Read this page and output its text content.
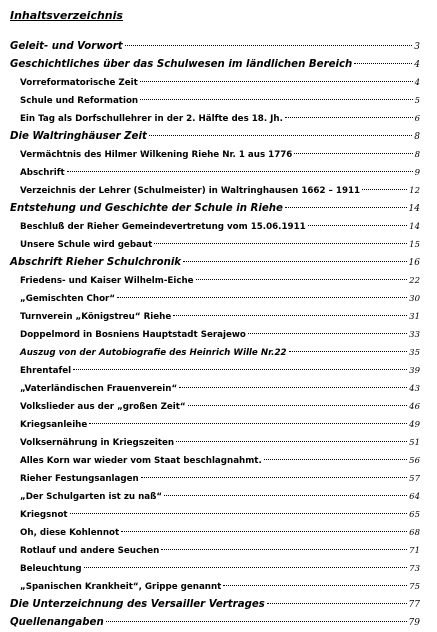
Inhaltsverzeichnis
Geleit- und Vorwort	3
Geschichtliches über das Schulwesen im ländlichen Bereich	4
Vorreformatorische Zeit	4
Schule und Reformation	5
Ein Tag als Dorfschullehrer in der 2. Hälfte des 18. Jh.	6
Die Waltringhäuser Zeit	8
Vermächtnis des Hilmer Wilkening Riehe Nr. 1 aus 1776	8
Abschrift	9
Verzeichnis der Lehrer (Schulmeister) in Waltringhausen 1662 – 1911	12
Entstehung und Geschichte der Schule in Riehe	14
Beschluß der Rieher Gemeindevertretung vom 15.06.1911	14
Unsere Schule wird gebaut	15
Abschrift Rieher Schulchronik	16
Friedens- und Kaiser Wilhelm-Eiche	22
„Gemischten Chor“	30
Turnverein „Königstreu“ Riehe	31
Doppelmord in Bosniens Hauptstadt Serajewo	33
Auszug von der Autobiografie des Heinrich Wille Nr.22	35
Ehrentafel	39
„Vaterländischen Frauenverein“	43
Volkslieder aus der „großen Zeit“	46
Kriegsanleihe	49
Volksernährung in Kriegszeiten	51
Alles Korn war wieder vom Staat beschlagnahmt.	56
Rieher Festungsanlagen	57
„Der Schulgarten ist zu naß“	64
Kriegsnot	65
Oh, diese Kohlennot	68
Rotlauf und andere Seuchen	71
Beleuchtung	73
„Spanischen Krankheit“, Grippe genannt	75
Die Unterzeichnung des Versailler Vertrages	77
Quellenangaben	79
